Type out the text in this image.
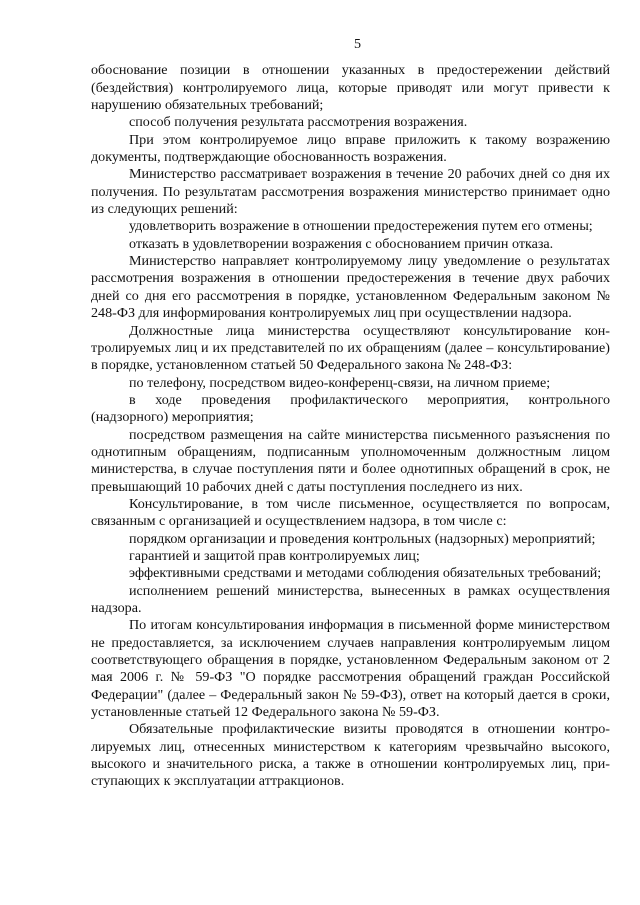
5

обоснование позиции в отношении указанных в предостережении действий (бездействия) контролируемого лица, которые приводят или могут привести к нарушению обязательных требований;

способ получения результата рассмотрения возражения.

При этом контролируемое лицо вправе приложить к такому возражению документы, подтверждающие обоснованность возражения.

Министерство рассматривает возражения в течение 20 рабочих дней со дня их получения. По результатам рассмотрения возражения министерство принимает одно из следующих решений:

удовлетворить возражение в отношении предостережения путем его отмены;

отказать в удовлетворении возражения с обоснованием причин отказа.

Министерство направляет контролируемому лицу уведомление о результатах рассмотрения возражения в отношении предостережения в течение двух рабочих дней со дня его рассмотрения в порядке, установленном Федеральным законом № 248-ФЗ для информирования контролируемых лиц при осуществлении надзора.

Должностные лица министерства осуществляют консультирование контролируемых лиц и их представителей по их обращениям (далее – консультирование) в порядке, установленном статьей 50 Федерального закона № 248-ФЗ:

по телефону, посредством видео-конференц-связи, на личном приеме;

в ходе проведения профилактического мероприятия, контрольного (надзорного) мероприятия;

посредством размещения на сайте министерства письменного разъяснения по однотипным обращениям, подписанным уполномоченным должностным лицом министерства, в случае поступления пяти и более однотипных обращений в срок, не превышающий 10 рабочих дней с даты поступления последнего из них.

Консультирование, в том числе письменное, осуществляется по вопросам, связанным с организацией и осуществлением надзора, в том числе с:

порядком организации и проведения контрольных (надзорных) мероприятий;

гарантией и защитой прав контролируемых лиц;

эффективными средствами и методами соблюдения обязательных требований;

исполнением решений министерства, вынесенных в рамках осуществления надзора.

По итогам консультирования информация в письменной форме министерством не предоставляется, за исключением случаев направления контролируемым лицом соответствующего обращения в порядке, установленном Федеральным законом от 2 мая 2006 г. № 59-ФЗ "О порядке рассмотрения обращений граждан Российской Федерации" (далее – Федеральный закон № 59-ФЗ), ответ на который дается в сроки, установленные статьей 12 Федерального закона № 59-ФЗ.

Обязательные профилактические визиты проводятся в отношении контролируемых лиц, отнесенных министерством к категориям чрезвычайно высокого, высокого и значительного риска, а также в отношении контролируемых лиц, приступающих к эксплуатации аттракционов.
